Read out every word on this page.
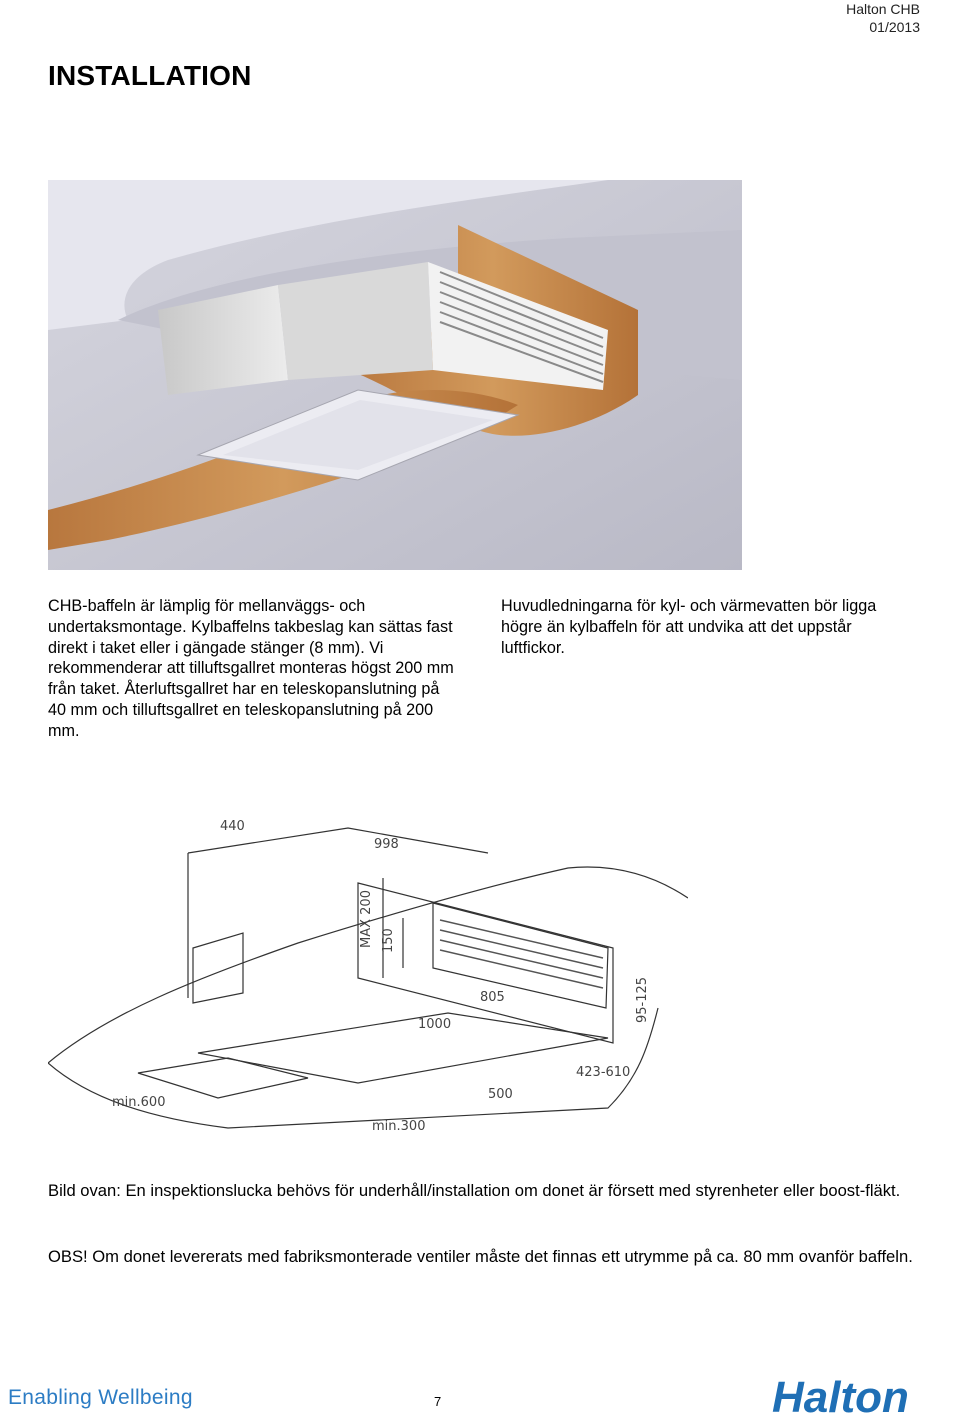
Halton CHB
01/2013
INSTALLATION

CHB-baffeln är lämplig för mellanväggs- och undertaksmontage. Kylbaffelns takbeslag kan sättas fast direkt i taket eller i gängade stänger (8 mm). Vi rekommenderar att tilluftsgallret monteras högst 200 mm från taket. Återluftsgallret har en teleskopanslutning på 40 mm och tilluftsgallret en teleskopanslutning på 200 mm.

Huvudledningarna för kyl- och värmevatten bör ligga högre än kylbaffeln för att undvika att det uppstår luftfickor.

440
998
MAX 200 150
805
1000
95-125
423-610
500
min.600
min.300

Bild ovan: En inspektionslucka behövs för underhåll/installation om donet är försett med styrenheter eller boost-fläkt.

OBS! Om donet levererats med fabriksmonterade ventiler måste det finnas ett utrymme på ca. 80 mm ovanför baffeln.

Enabling Wellbeing	7	Halton
